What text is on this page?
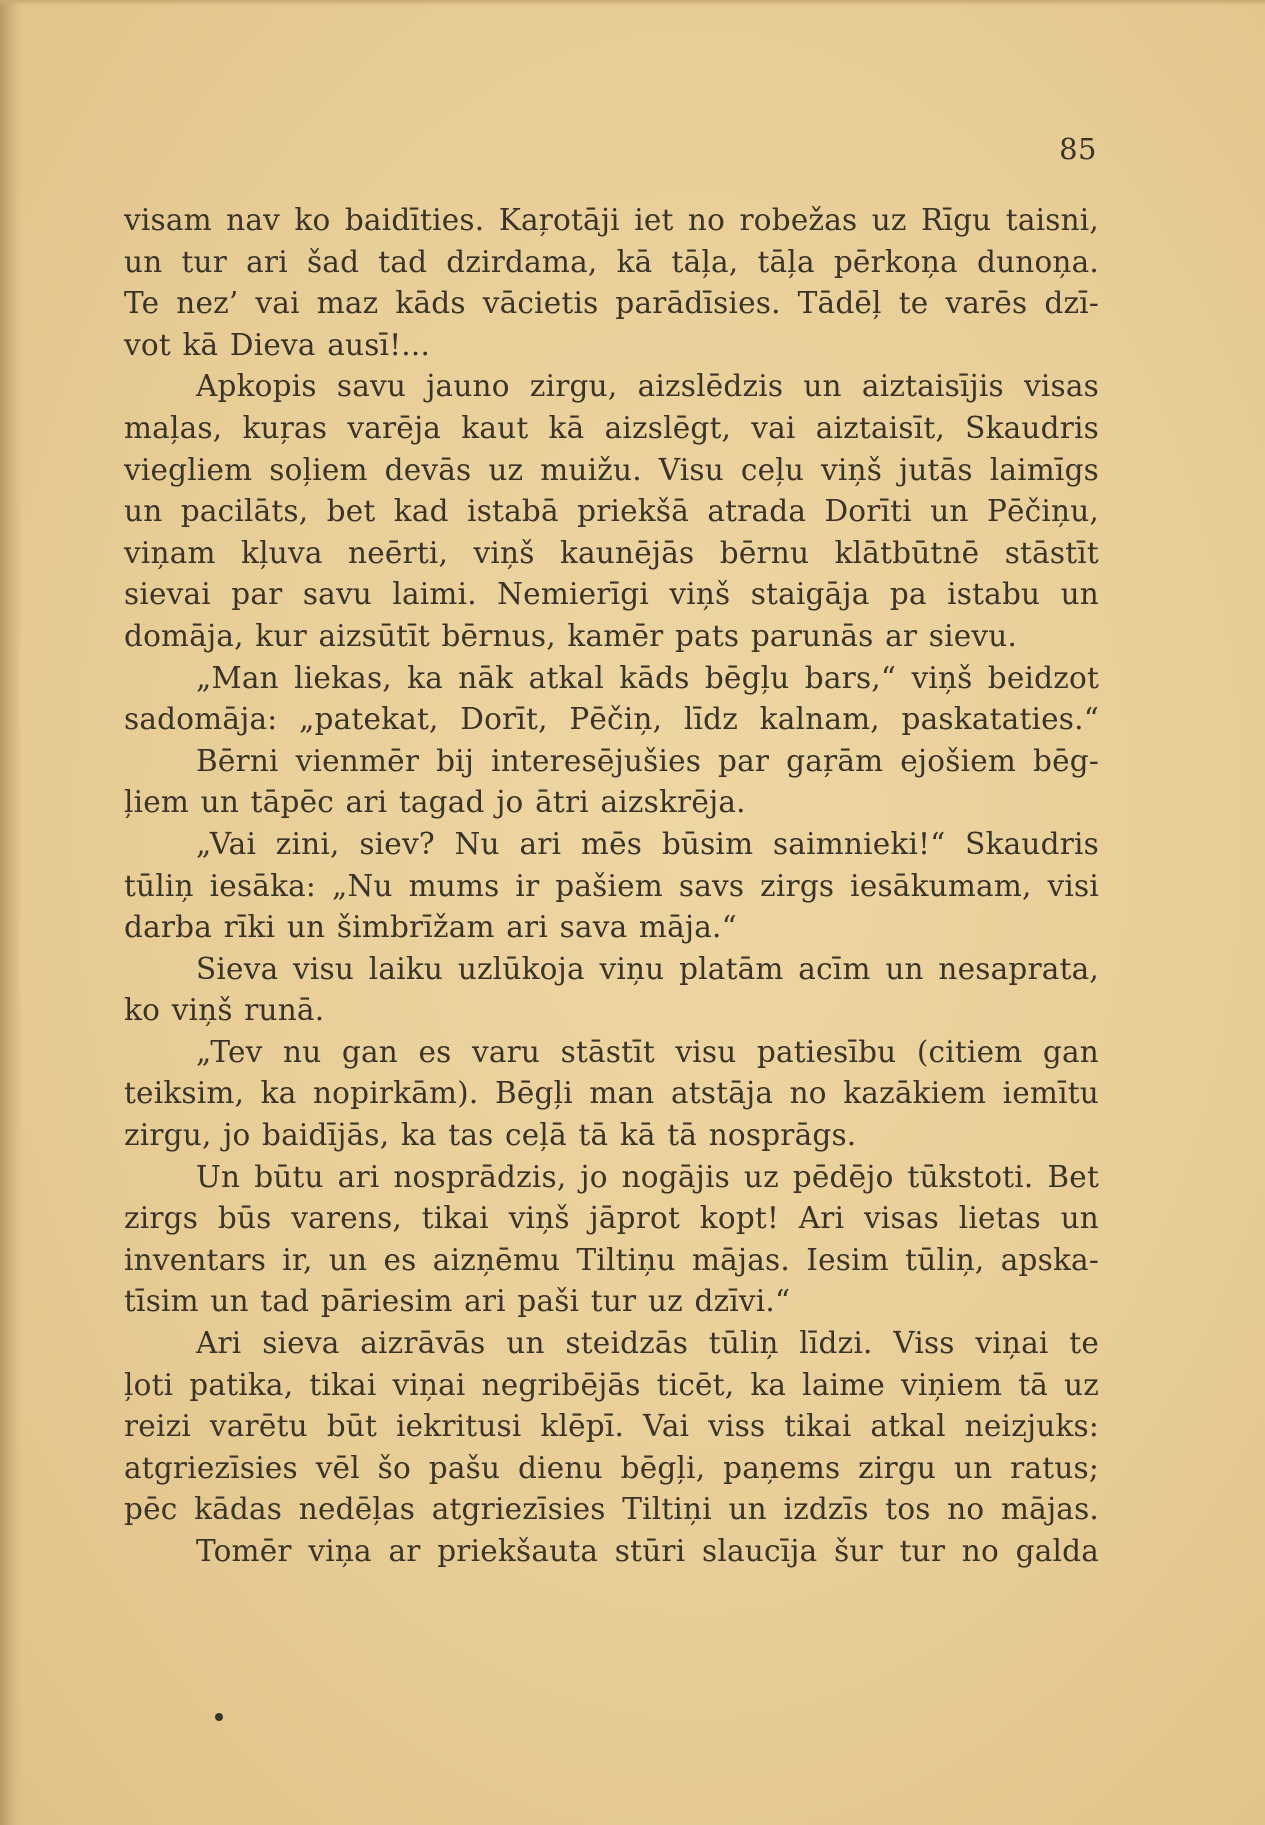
85
visam nav ko baidīties. Kaŗotāji iet no robežas uz Rīgu taisni,
un tur ari šad tad dzirdama, kā tāļa, tāļa pērkoņa dunoņa.
Te nez’ vai maz kāds vācietis parādīsies. Tādēļ te varēs dzī-
vot kā Dieva ausī!...
Apkopis savu jauno zirgu, aizslēdzis un aiztaisījis visas
maļas, kuŗas varēja kaut kā aizslēgt, vai aiztaisīt, Skaudris
viegliem soļiem devās uz muižu. Visu ceļu viņš jutās laimīgs
un pacilāts, bet kad istabā priekšā atrada Dorīti un Pēčiņu,
viņam kļuva neērti, viņš kaunējās bērnu klātbūtnē stāstīt
sievai par savu laimi. Nemierīgi viņš staigāja pa istabu un
domāja, kur aizsūtīt bērnus, kamēr pats parunās ar sievu.
„Man liekas, ka nāk atkal kāds bēgļu bars,“ viņš beidzot
sadomāja: „patekat, Dorīt, Pēčiņ, līdz kalnam, paskataties.“
Bērni vienmēr bij interesējušies par gaŗām ejošiem bēg-
ļiem un tāpēc ari tagad jo ātri aizskrēja.
„Vai zini, siev? Nu ari mēs būsim saimnieki!“ Skaudris
tūliņ iesāka: „Nu mums ir pašiem savs zirgs iesākumam, visi
darba rīki un šimbrīžam ari sava māja.“
Sieva visu laiku uzlūkoja viņu platām acīm un nesaprata,
ko viņš runā.
„Tev nu gan es varu stāstīt visu patiesību (citiem gan
teiksim, ka nopirkām). Bēgļi man atstāja no kazākiem iemītu
zirgu, jo baidījās, ka tas ceļā tā kā tā nosprāgs.
Un būtu ari nosprādzis, jo nogājis uz pēdējo tūkstoti. Bet
zirgs būs varens, tikai viņš jāprot kopt! Ari visas lietas un
inventars ir, un es aizņēmu Tiltiņu mājas. Iesim tūliņ, apska-
tīsim un tad pāriesim ari paši tur uz dzīvi.“
Ari sieva aizrāvās un steidzās tūliņ līdzi. Viss viņai te
ļoti patika, tikai viņai negribējās ticēt, ka laime viņiem tā uz
reizi varētu būt iekritusi klēpī. Vai viss tikai atkal neizjuks:
atgriezīsies vēl šo pašu dienu bēgļi, paņems zirgu un ratus;
pēc kādas nedēļas atgriezīsies Tiltiņi un izdzīs tos no mājas.
Tomēr viņa ar priekšauta stūri slaucīja šur tur no galda
